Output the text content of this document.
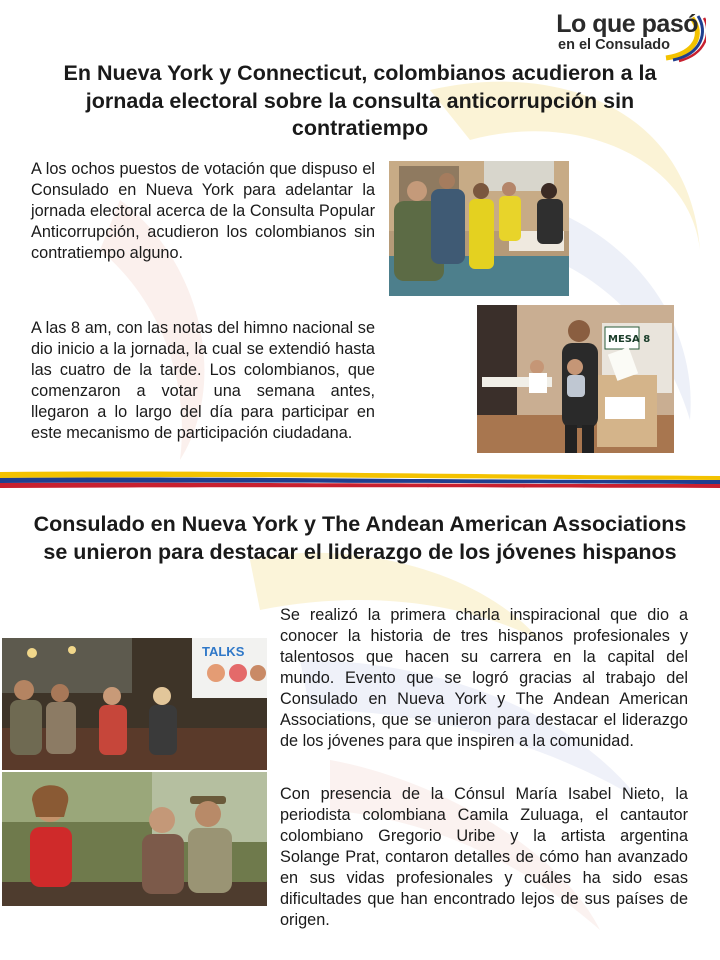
Lo que pasó
en el Consulado
En Nueva York y Connecticut, colombianos acudieron a la jornada electoral sobre la consulta anticorrupción sin contratiempo

A los ochos puestos de votación que dispuso el Consulado en Nueva York para adelantar la jornada electoral acerca de la Consulta Popular Anticorrupción, acudieron los colombianos sin contratiempo alguno.

A las 8 am, con las notas del himno nacional se dio inicio a la jornada, la cual se extendió hasta las cuatro de la tarde. Los colombianos, que comenzaron a votar una semana antes, llegaron a lo largo del día para participar en este mecanismo de participación ciudadana.

MESA 8
Consulado en Nueva York y The Andean American Associations se unieron para destacar el liderazgo de los jóvenes hispanos

Se realizó la primera charla inspiracional que dio a conocer la historia de tres hispanos profesionales y talentosos que hacen su carrera en la capital del mundo. Evento que se logró gracias al trabajo del Consulado en Nueva York y The Andean American Associations, que se unieron para destacar el liderazgo de los jóvenes para que inspiren a la comunidad.

Con presencia de la Cónsul María Isabel Nieto, la periodista colombiana Camila Zuluaga, el cantautor colombiano Gregorio Uribe y la artista argentina Solange Prat, contaron detalles de cómo han avanzado en sus vidas profesionales y cuáles ha sido esas dificultades que han encontrado lejos de sus países de origen.

TALKS
